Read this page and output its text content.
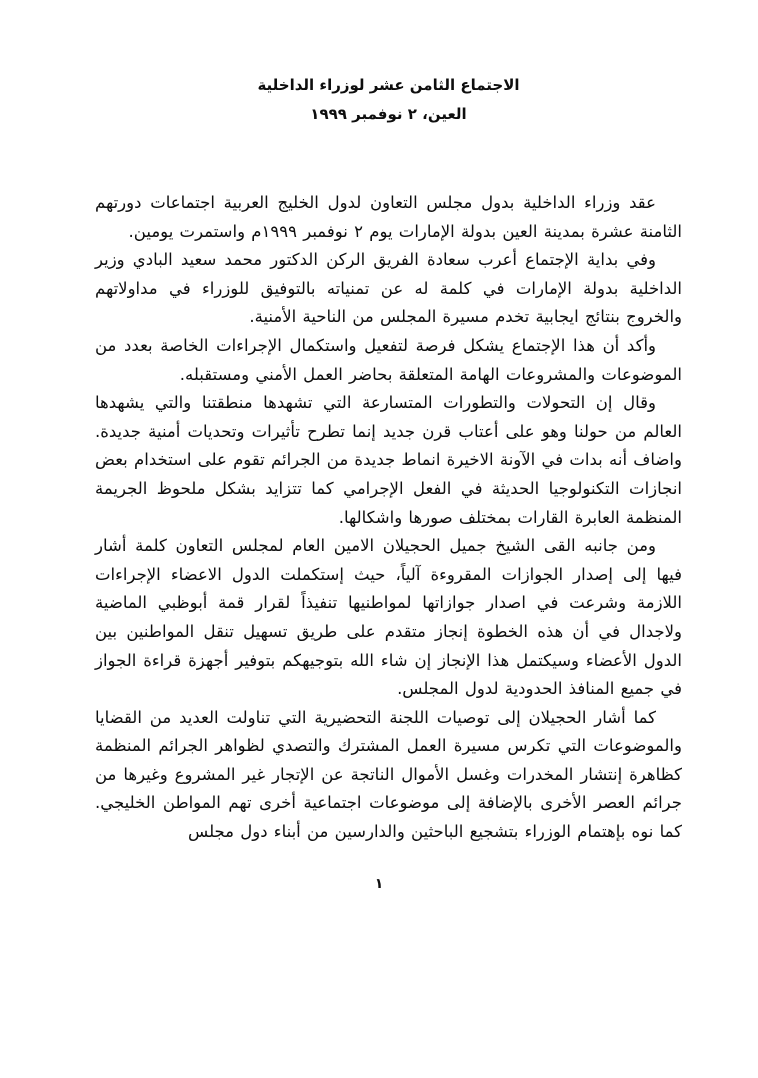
الاجتماع الثامن عشر لوزراء الداخلية
العين، ٢ نوفمبر ١٩٩٩

عقد وزراء الداخلية بدول مجلس التعاون لدول الخليج العربية اجتماعات دورتهم الثامنة عشرة بمدينة العين بدولة الإمارات يوم ٢ نوفمبر ١٩٩٩م واستمرت يومين.

وفي بداية الإجتماع أعرب سعادة الفريق الركن الدكتور محمد سعيد البادي وزير الداخلية بدولة الإمارات في كلمة له عن تمنياته بالتوفيق للوزراء في مداولاتهم والخروج بنتائج ايجابية تخدم مسيرة المجلس من الناحية الأمنية.

وأكد أن هذا الإجتماع يشكل فرصة لتفعيل واستكمال الإجراءات الخاصة بعدد من الموضوعات والمشروعات الهامة المتعلقة بحاضر العمل الأمني ومستقبله.

وقال إن التحولات والتطورات المتسارعة التي تشهدها منطقتنا والتي يشهدها العالم من حولنا وهو على أعتاب قرن جديد إنما تطرح تأثيرات وتحديات أمنية جديدة. واضاف أنه بدات في الآونة الاخيرة انماط جديدة من الجرائم تقوم على استخدام بعض انجازات التكنولوجيا الحديثة في الفعل الإجرامي كما تتزايد بشكل ملحوظ الجريمة المنظمة العابرة القارات بمختلف صورها واشكالها.

ومن جانبه القى الشيخ جميل الحجيلان الامين العام لمجلس التعاون كلمة أشار فيها إلى إصدار الجوازات المقروءة آلياً، حيث إستكملت الدول الاعضاء الإجراءات اللازمة وشرعت في اصدار جوازاتها لمواطنيها تنفيذاً لقرار قمة أبوظبي الماضية ولاجدال في أن هذه الخطوة إنجاز متقدم على طريق تسهيل تنقل المواطنين بين الدول الأعضاء وسيكتمل هذا الإنجاز إن شاء الله بتوجيهكم بتوفير أجهزة قراءة الجواز في جميع المنافذ الحدودية لدول المجلس.

كما أشار الحجيلان إلى توصيات اللجنة التحضيرية التي تناولت العديد من القضايا والموضوعات التي تكرس مسيرة العمل المشترك والتصدي لظواهر الجرائم المنظمة كظاهرة إنتشار المخدرات وغسل الأموال الناتجة عن الإتجار غير المشروع وغيرها من جرائم العصر الأخرى بالإضافة إلى موضوعات اجتماعية أخرى تهم المواطن الخليجي. كما نوه بإهتمام الوزراء بتشجيع الباحثين والدارسين من أبناء دول مجلس

١
